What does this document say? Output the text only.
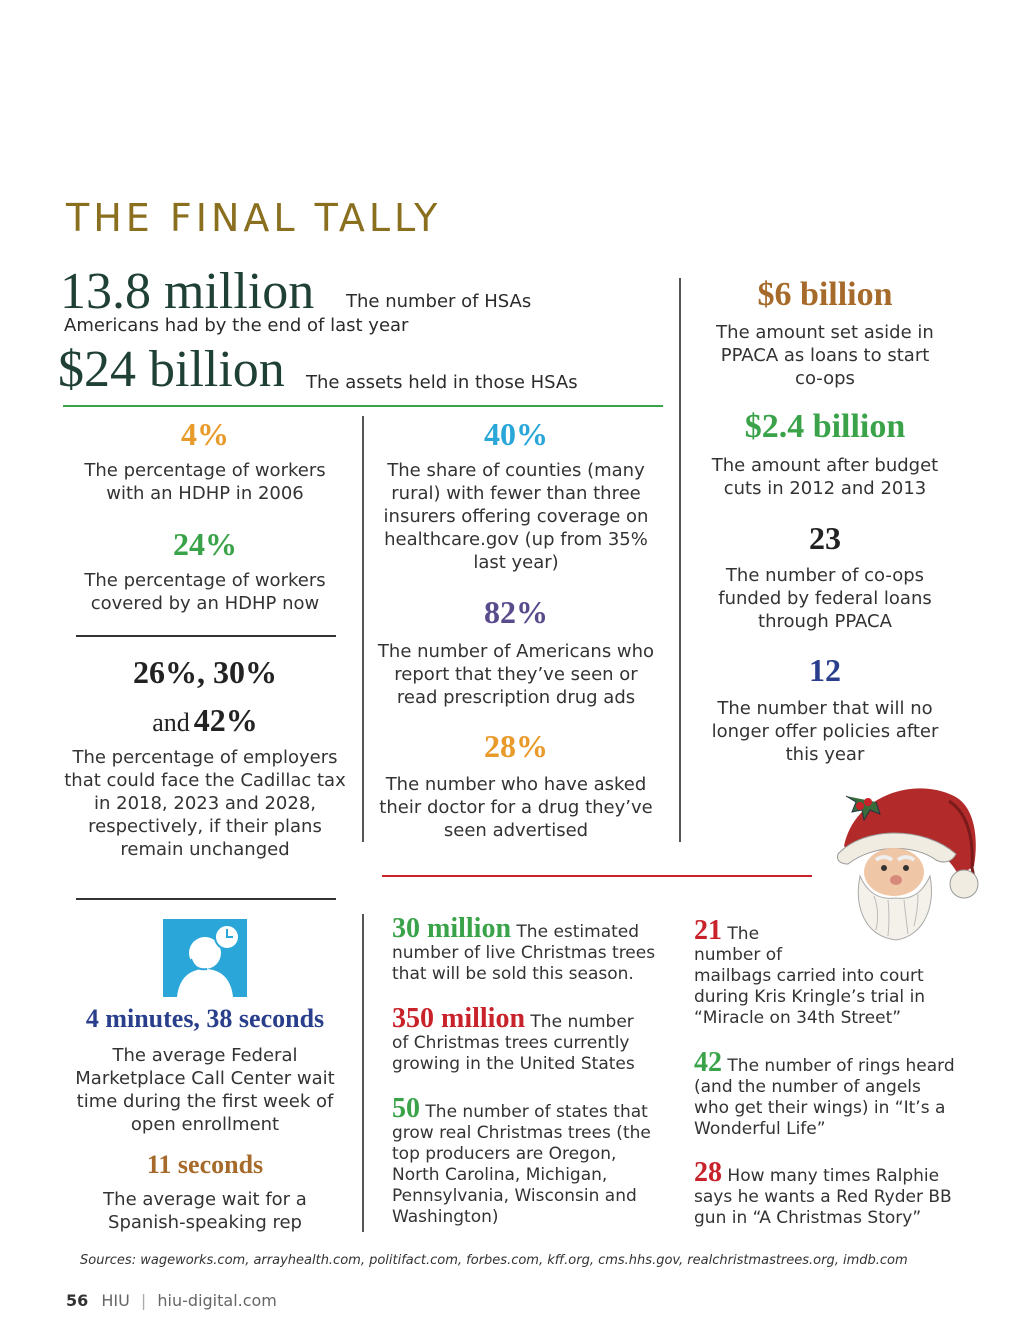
THE FINAL TALLY
13.8 million The number of HSAs
Americans had by the end of last year
$24 billion The assets held in those HSAs
4%
The percentage of workers with an HDHP in 2006
24%
The percentage of workers covered by an HDHP now
26%, 30%
and 42%
The percentage of employers that could face the Cadillac tax in 2018, 2023 and 2028, respectively, if their plans remain unchanged
40%
The share of counties (many rural) with fewer than three insurers offering coverage on healthcare.gov (up from 35% last year)
82%
The number of Americans who report that they’ve seen or read prescription drug ads
28%
The number who have asked their doctor for a drug they’ve seen advertised
$6 billion
The amount set aside in PPACA as loans to start co-ops
$2.4 billion
The amount after budget cuts in 2012 and 2013
23
The number of co-ops funded by federal loans through PPACA
12
The number that will no longer offer policies after this year
4 minutes, 38 seconds
The average Federal Marketplace Call Center wait time during the first week of open enrollment
11 seconds
The average wait for a Spanish-speaking rep
30 million The estimated
number of live Christmas trees
that will be sold this season.
350 million The number
of Christmas trees currently
growing in the United States
50 The number of states that
grow real Christmas trees (the
top producers are Oregon,
North Carolina, Michigan,
Pennsylvania, Wisconsin and
Washington)
21 The
number of
mailbags carried into court
during Kris Kringle’s trial in
“Miracle on 34th Street”
42 The number of rings heard
(and the number of angels
who get their wings) in “It’s a
Wonderful Life”
28 How many times Ralphie
says he wants a Red Ryder BB
gun in “A Christmas Story”
Sources: wageworks.com, arrayhealth.com, politifact.com, forbes.com, kff.org, cms.hhs.gov, realchristmastrees.org, imdb.com
56 HIU | hiu-digital.com
